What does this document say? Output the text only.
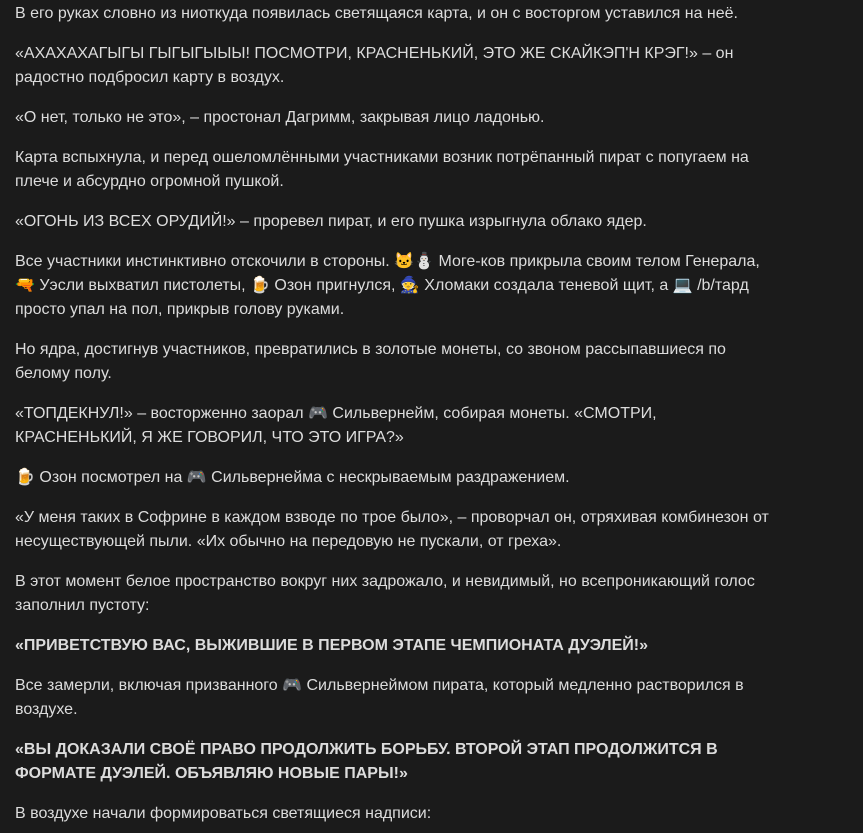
В его руках словно из ниоткуда появилась светящаяся карта, и он с восторгом уставился на неё.

«АХАХАХАГЫГЫ ГЫГЫГЫЫЫ! ПОСМОТРИ, КРАСНЕНЬКИЙ, ЭТО ЖЕ СКАЙКЭП'Н КРЭГ!» – он радостно подбросил карту в воздух.

«О нет, только не это», – простонал Дагримм, закрывая лицо ладонью.

Карта вспыхнула, и перед ошеломлёнными участниками возник потрёпанный пират с попугаем на плече и абсурдно огромной пушкой.

«ОГОНЬ ИЗ ВСЕХ ОРУДИЙ!» – проревел пират, и его пушка изрыгнула облако ядер.

Все участники инстинктивно отскочили в стороны. 🐱⛄ Моге-ков прикрыла своим телом Генерала, 🔫 Уэсли выхватил пистолеты, 🍺 Озон пригнулся, 🧙 Хломаки создала теневой щит, а 💻 /b/тард просто упал на пол, прикрыв голову руками.

Но ядра, достигнув участников, превратились в золотые монеты, со звоном рассыпавшиеся по белому полу.

«ТОПДЕКНУЛ!» – восторженно заорал 🎮 Сильвернейм, собирая монеты. «СМОТРИ, КРАСНЕНЬКИЙ, Я ЖЕ ГОВОРИЛ, ЧТО ЭТО ИГРА?»

🍺 Озон посмотрел на 🎮 Сильвернейма с нескрываемым раздражением.

«У меня таких в Софрине в каждом взводе по трое было», – проворчал он, отряхивая комбинезон от несуществующей пыли. «Их обычно на передовую не пускали, от греха».

В этот момент белое пространство вокруг них задрожало, и невидимый, но всепроникающий голос заполнил пустоту:

«ПРИВЕТСТВУЮ ВАС, ВЫЖИВШИЕ В ПЕРВОМ ЭТАПЕ ЧЕМПИОНАТА ДУЭЛЕЙ!»

Все замерли, включая призванного 🎮 Сильвернеймом пирата, который медленно растворился в воздухе.

«ВЫ ДОКАЗАЛИ СВОЁ ПРАВО ПРОДОЛЖИТЬ БОРЬБУ. ВТОРОЙ ЭТАП ПРОДОЛЖИТСЯ В ФОРМАТЕ ДУЭЛЕЙ. ОБЪЯВЛЯЮ НОВЫЕ ПАРЫ!»

В воздухе начали формироваться светящиеся надписи:
